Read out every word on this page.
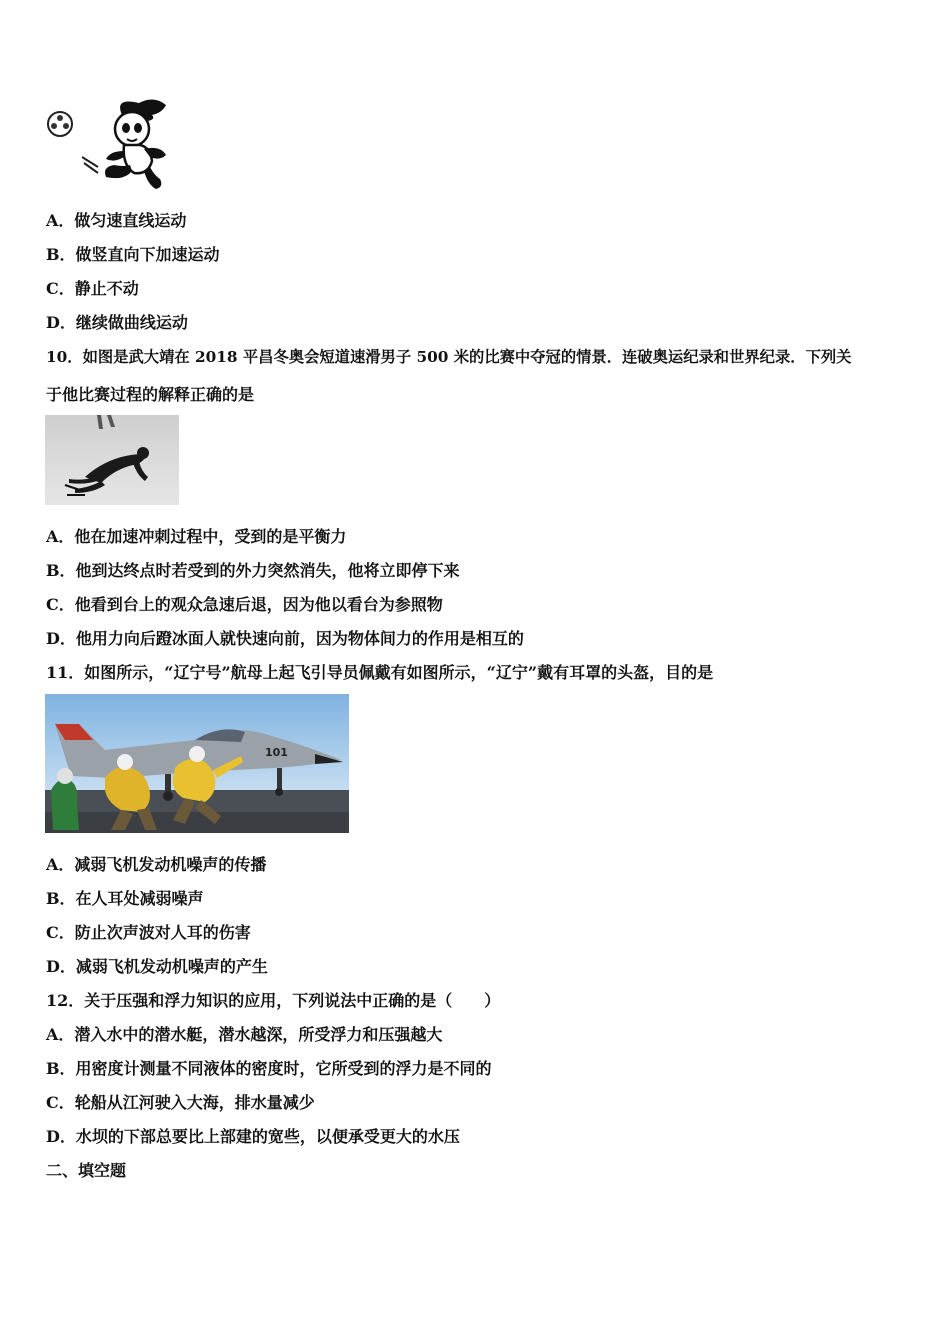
A．做匀速直线运动
B．做竖直向下加速运动
C．静止不动
D．继续做曲线运动
10．如图是武大靖在 2018 平昌冬奥会短道速滑男子 500 米的比赛中夺冠的情景．连破奥运纪录和世界纪录．下列关
于他比赛过程的解释正确的是
A．他在加速冲刺过程中，受到的是平衡力
B．他到达终点时若受到的外力突然消失，他将立即停下来
C．他看到台上的观众急速后退，因为他以看台为参照物
D．他用力向后蹬冰面人就快速向前，因为物体间力的作用是相互的
11．如图所示，“辽宁号”航母上起飞引导员佩戴有如图所示，“辽宁”戴有耳罩的头盔，目的是
101
A．减弱飞机发动机噪声的传播
B．在人耳处减弱噪声
C．防止次声波对人耳的伤害
D．减弱飞机发动机噪声的产生
12．关于压强和浮力知识的应用，下列说法中正确的是（　　）
A．潜入水中的潜水艇，潜水越深，所受浮力和压强越大
B．用密度计测量不同液体的密度时，它所受到的浮力是不同的
C．轮船从江河驶入大海，排水量减少
D．水坝的下部总要比上部建的宽些，以便承受更大的水压
二、填空题
